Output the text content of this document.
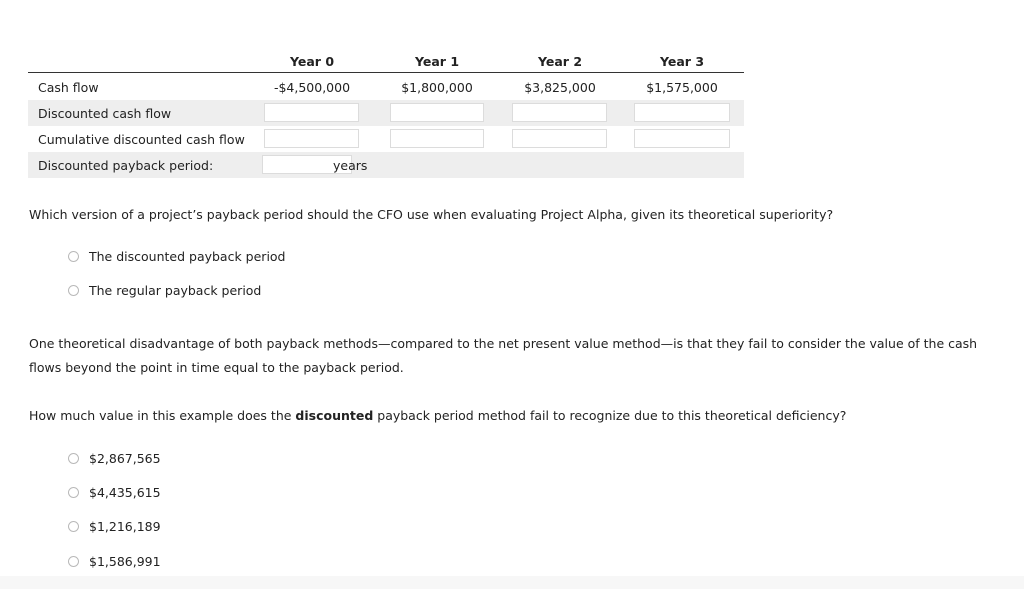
Year 0	Year 1	Year 2	Year 3
Cash flow	-$4,500,000	$1,800,000	$3,825,000	$1,575,000
Discounted cash flow
Cumulative discounted cash flow
Discounted payback period:	years
Which version of a project’s payback period should the CFO use when evaluating Project Alpha, given its theoretical superiority?
The discounted payback period
The regular payback period
One theoretical disadvantage of both payback methods—compared to the net present value method—is that they fail to consider the value of the cash
flows beyond the point in time equal to the payback period.
How much value in this example does the discounted payback period method fail to recognize due to this theoretical deficiency?
$2,867,565
$4,435,615
$1,216,189
$1,586,991
